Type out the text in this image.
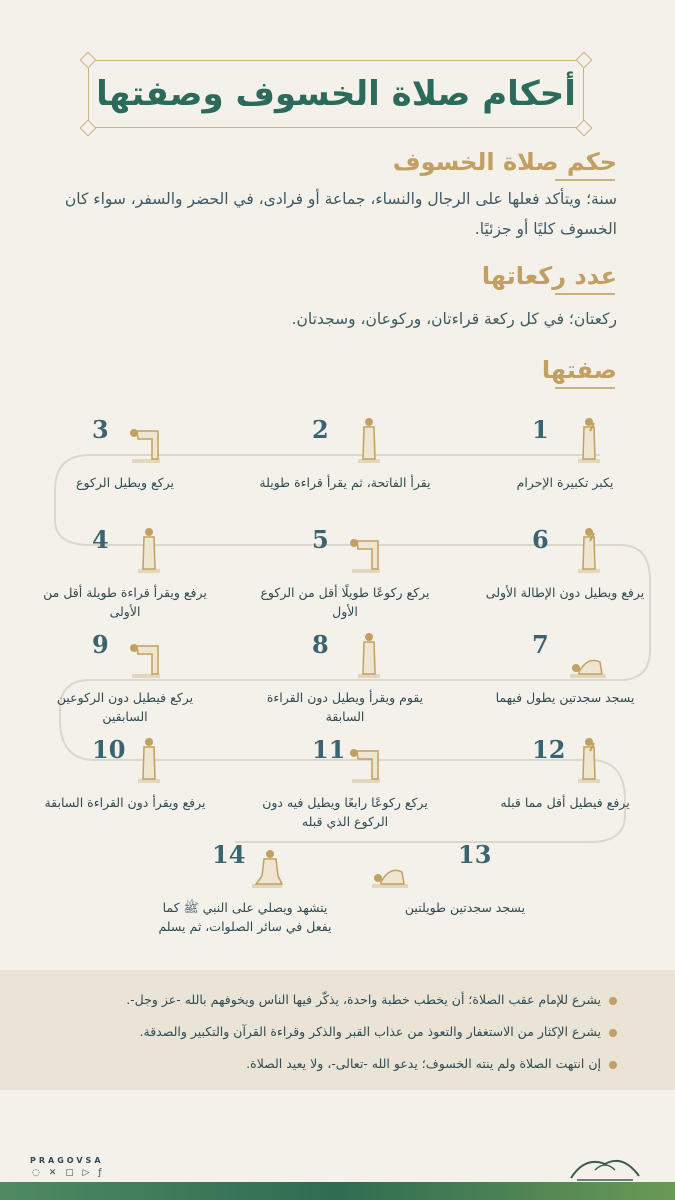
أحكام صلاة الخسوف وصفتها
حكم صلاة الخسوف
سنة؛ ويتأكد فعلها على الرجال والنساء، جماعة أو فرادى، في الحضر والسفر، سواء كان الخسوف كليًا أو جزئيًا.
عدد ركعاتها
ركعتان؛ في كل ركعة قراءتان، وركوعان، وسجدتان.
صفتها
1
يكبر تكبيرة الإحرام
2
يقرأ الفاتحة، ثم يقرأ قراءة طويلة
3
يركع ويطيل الركوع
4
يرفع ويقرأ قراءة طويلة أقل من الأولى
5
يركع ركوعًا طويلًا أقل من الركوع الأول
6
يرفع ويطيل دون الإطالة الأولى
7
يسجد سجدتين يطول فيهما
8
يقوم ويقرأ ويطيل دون القراءة السابقة
9
يركع فيطيل دون الركوعين السابقين
10
يرفع ويقرأ دون القراءة السابقة
11
يركع ركوعًا رابعًا ويطيل فيه دون الركوع الذي قبله
12
يرفع فيطيل أقل مما قبله
13
يسجد سجدتين طويلتين
14
يتشهد ويصلي على النبي ﷺ كما يفعل في سائر الصلوات، ثم يسلم
يشرع للإمام عقب الصلاة؛ أن يخطب خطبة واحدة، يذكّر فيها الناس ويخوفهم بالله -عز وجل-.
يشرع الإكثار من الاستغفار والتعوذ من عذاب القبر والذكر وقراءة القرآن والتكبير والصدقة.
إن انتهت الصلاة ولم ينته الخسوف؛ يدعو الله -تعالى-، ولا يعيد الصلاة.
PRAGOVSA
◌ ✕ ▢ ▷ ƒ
